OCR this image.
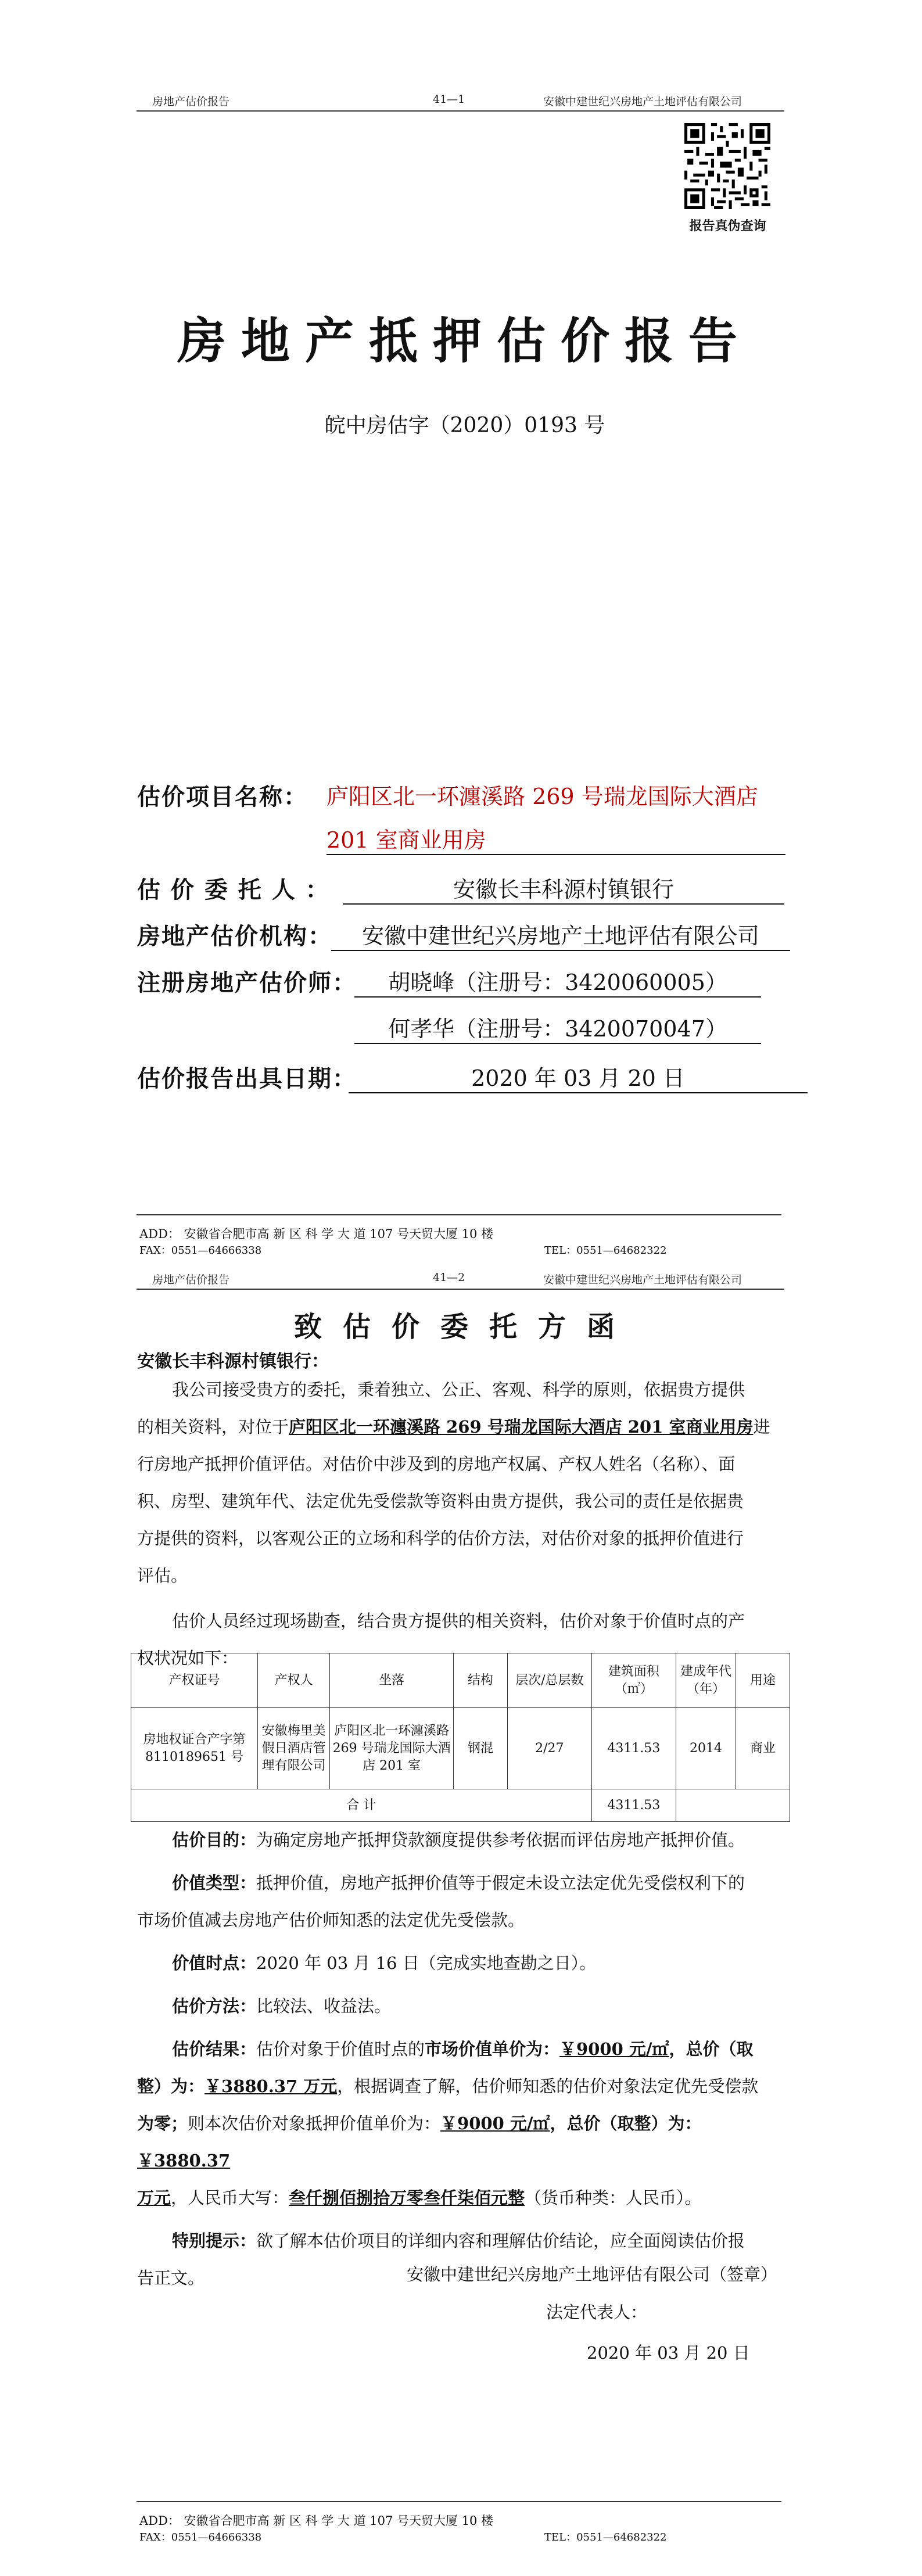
房地产估价报告	41—1	安徽中建世纪兴房地产土地评估有限公司
报告真伪查询
房地产抵押估价报告
皖中房估字（2020）0193 号
估价项目名称： 庐阳区北一环瀍溪路 269 号瑞龙国际大酒店
201 室商业用房
估 价 委 托 人 ：	安徽长丰科源村镇银行
房地产估价机构：	安徽中建世纪兴房地产土地评估有限公司
注册房地产估价师：	胡晓峰（注册号：3420060005）
何孝华（注册号：3420070047）
估价报告出具日期：	2020 年 03 月 20 日
ADD： 安徽省合肥市高 新 区 科 学 大 道 107 号天贸大厦 10 楼
FAX：0551—64666338	TEL：0551—64682322
房地产估价报告	41—2	安徽中建世纪兴房地产土地评估有限公司
致估价委托方函
安徽长丰科源村镇银行：
我公司接受贵方的委托，秉着独立、公正、客观、科学的原则，依据贵方提供
的相关资料，对位于庐阳区北一环瀍溪路 269 号瑞龙国际大酒店 201 室商业用房进
行房地产抵押价值评估。对估价中涉及到的房地产权属、产权人姓名（名称）、面
积、房型、建筑年代、法定优先受偿款等资料由贵方提供，我公司的责任是依据贵
方提供的资料，以客观公正的立场和科学的估价方法，对估价对象的抵押价值进行
评估。
估价人员经过现场勘查，结合贵方提供的相关资料，估价对象于价值时点的产
权状况如下：
产权证号	产权人	坐落	结构	层次/总层数	建筑面积（㎡）	建成年代（年）	用途
房地权证合产字第 8110189651 号	安徽梅里美假日酒店管理有限公司	庐阳区北一环瀍溪路 269 号瑞龙国际大酒店 201 室	钢混	2/27	4311.53	2014	商业
合 计					4311.53		
估价目的：为确定房地产抵押贷款额度提供参考依据而评估房地产抵押价值。
价值类型：抵押价值，房地产抵押价值等于假定未设立法定优先受偿权利下的
市场价值减去房地产估价师知悉的法定优先受偿款。
价值时点：2020 年 03 月 16 日（完成实地查勘之日）。
估价方法：比较法、收益法。
估价结果：估价对象于价值时点的市场价值单价为：￥9000 元/㎡，总价（取
整）为：￥3880.37 万元，根据调查了解，估价师知悉的估价对象法定优先受偿款
为零；则本次估价对象抵押价值单价为：￥9000 元/㎡，总价（取整）为：￥3880.37
万元，人民币大写：叁仟捌佰捌拾万零叁仟柒佰元整（货币种类：人民币）。
特别提示：欲了解本估价项目的详细内容和理解估价结论，应全面阅读估价报
告正文。	安徽中建世纪兴房地产土地评估有限公司（签章）
法定代表人：
2020 年 03 月 20 日
ADD： 安徽省合肥市高 新 区 科 学 大 道 107 号天贸大厦 10 楼
FAX：0551—64666338	TEL：0551—64682322
